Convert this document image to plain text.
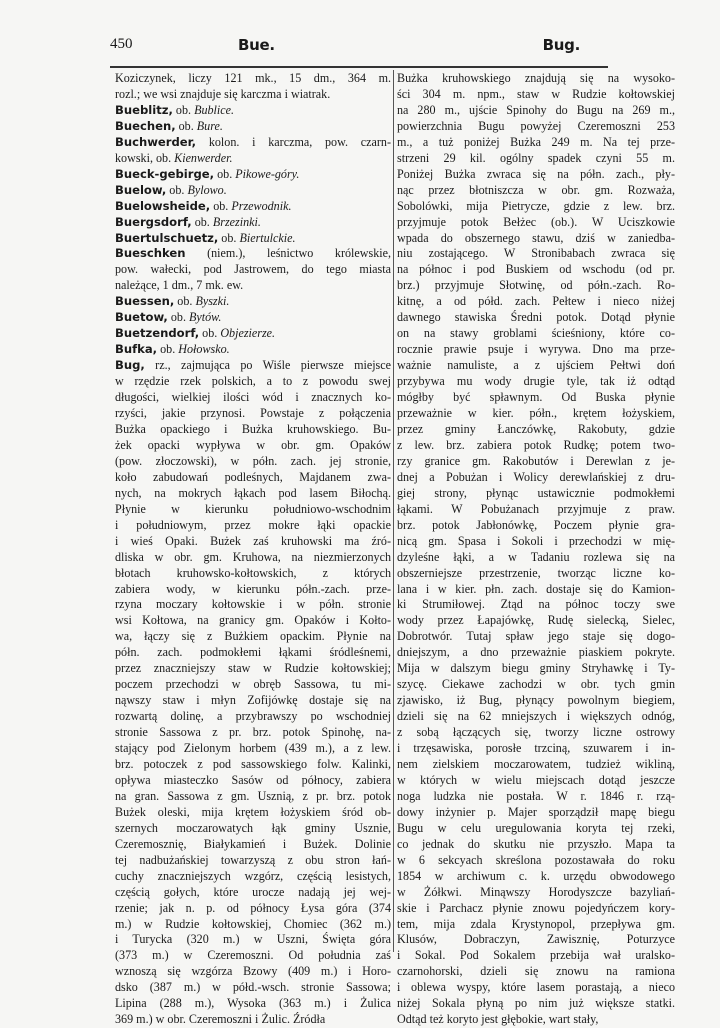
450	Bue.	Bug.
Koziczynek, liczy 121 mk., 15 dm., 364 m.
rozl.; we wsi znajduje się karczma i wiatrak.
Bueblitz, ob. Bublice.
Buechen, ob. Bure.
Buchwerder, kolon. i karczma, pow. czarn-
kowski, ob. Kienwerder.
Bueck-gebirge, ob. Pikowe-góry.
Buelow, ob. Bylowo.
Buelowsheide, ob. Przewodnik.
Buergsdorf, ob. Brzezinki.
Buertulschuetz, ob. Biertulckie.
Bueschken (niem.), leśnictwo królewskie,
pow. wałecki, pod Jastrowem, do tego miasta
należące, 1 dm., 7 mk. ew.
Buessen, ob. Byszki.
Buetow, ob. Bytów.
Buetzendorf, ob. Objezierze.
Bufka, ob. Hołowsko.
Bug, rz., zajmująca po Wiśle pierwsze miejsce
w rzędzie rzek polskich, a to z powodu swej
długości, wielkiej ilości wód i znacznych ko-
rzyści, jakie przynosi. Powstaje z połączenia
Bużka opackiego i Bużka kruhowskiego. Bu-
żek opacki wypływa w obr. gm. Opaków
(pow. złoczowski), w półn. zach. jej stronie,
koło zabudowań podleśnych, Majdanem zwa-
nych, na mokrych łąkach pod lasem Biłochą.
Płynie w kierunku południowo-wschodnim
i południowym, przez mokre łąki opackie
i wieś Opaki. Bużek zaś kruhowski ma źró-
dliska w obr. gm. Kruhowa, na niezmierzonych
błotach kruhowsko-kołtowskich, z których
zabiera wody, w kierunku półn.-zach. prze-
rzyna moczary kołtowskie i w półn. stronie
wsi Kołtowa, na granicy gm. Opaków i Kołto-
wa, łączy się z Bużkiem opackim. Płynie na
półn. zach. podmokłemi łąkami śródleśnemi,
przez znaczniejszy staw w Rudzie kołtowskiej;
poczem przechodzi w obręb Sassowa, tu mi-
nąwszy staw i młyn Zofijówkę dostaje się na
rozwartą dolinę, a przybrawszy po wschodniej
stronie Sassowa z pr. brz. potok Spinohę, na-
stający pod Zielonym horbem (439 m.), a z lew.
brz. potoczek z pod sassowskiego folw. Kalinki,
opływa miasteczko Sasów od północy, zabiera
na gran. Sassowa z gm. Usznią, z pr. brz. potok
Bużek oleski, mija krętem łożyskiem śród ob-
szernych moczarowatych łąk gminy Usznie,
Czeremosznię, Białykamień i Bużek. Dolinie
tej nadbużańskiej towarzyszą z obu stron łań-
cuchy znaczniejszych wzgórz, częścią lesistych,
częścią gołych, które urocze nadają jej wej-
rzenie; jak n. p. od północy Łysa góra (374
m.) w Rudzie kołtowskiej, Chomiec (362 m.)
i Turycka (320 m.) w Uszni, Święta góra
(373 m.) w Czeremoszni. Od południa zaś
wznoszą się wzgórza Bzowy (409 m.) i Horo-
dsko (387 m.) w półd.-wsch. stronie Sassowa;
Lipina (288 m.), Wysoka (363 m.) i Żulica
369 m.) w obr. Czeremoszni i Żulic. Źródła
Bużka kruhowskiego znajdują się na wysoko-
ści 304 m. npm., staw w Rudzie kołtowskiej
na 280 m., ujście Spinohy do Bugu na 269 m.,
powierzchnia Bugu powyżej Czeremoszni 253
m., a tuż poniżej Bużka 249 m. Na tej prze-
strzeni 29 kil. ogólny spadek czyni 55 m.
Poniżej Bużka zwraca się na półn. zach., pły-
nąc przez błotniszcza w obr. gm. Rozważa,
Sobolówki, mija Pietrycze, gdzie z lew. brz.
przyjmuje potok Bełżec (ob.). W Uciszkowie
wpada do obszernego stawu, dziś w zaniedba-
niu zostającego. W Stronibabach zwraca się
na północ i pod Buskiem od wschodu (od pr.
brz.) przyjmuje Słotwinę, od półn.-zach. Ro-
kitnę, a od półd. zach. Pełtew i nieco niżej
dawnego stawiska Średni potok. Dotąd płynie
on na stawy groblami ścieśniony, które co-
rocznie prawie psuje i wyrywa. Dno ma prze-
ważnie namuliste, a z ujściem Pełtwi doń
przybywa mu wody drugie tyle, tak iż odtąd
mógłby być spławnym. Od Buska płynie
przeważnie w kier. półn., krętem łożyskiem,
przez gminy Łanczówkę, Rakobuty, gdzie
z lew. brz. zabiera potok Rudkę; potem two-
rzy granice gm. Rakobutów i Derewlan z je-
dnej a Pobużan i Wolicy derewlańskiej z dru-
giej strony, płynąc ustawicznie podmokłemi
łąkami. W Pobużanach przyjmuje z praw.
brz. potok Jabłonówkę, Poczem płynie gra-
nicą gm. Spasa i Sokoli i przechodzi w mię-
dzyleśne łąki, a w Tadaniu rozlewa się na
obszerniejsze przestrzenie, tworząc liczne ko-
lana i w kier. płn. zach. dostaje się do Kamion-
ki Strumiłowej. Ztąd na północ toczy swe
wody przez Łapajówkę, Rudę sielecką, Sielec,
Dobrotwór. Tutaj spław jego staje się dogo-
dniejszym, a dno przeważnie piaskiem pokryte.
Mija w dalszym biegu gminy Stryhawkę i Ty-
szycę. Ciekawe zachodzi w obr. tych gmin
zjawisko, iż Bug, płynący powolnym biegiem,
dzieli się na 62 mniejszych i większych odnóg,
z sobą łączących się, tworzy liczne ostrowy
i trzęsawiska, porosłe trzciną, szuwarem i in-
nem zielskiem moczarowatem, tudzież wikliną,
w których w wielu miejscach dotąd jeszcze
noga ludzka nie postała. W r. 1846 r. rzą-
dowy inżynier p. Majer sporządził mapę biegu
Bugu w celu uregulowania koryta tej rzeki,
co jednak do skutku nie przyszło. Mapa ta
w 6 sekcyach skreślona pozostawała do roku
1854 w archiwum c. k. urzędu obwodowego
w Żółkwi. Minąwszy Horodyszcze bazyliań-
skie i Parchacz płynie znowu pojedyńczem kory-
tem, mija zdala Krystynopol, przepływa gm.
Klusów, Dobraczyn, Zawisznię, Poturzyce
i Sokal. Pod Sokalem przebija wał uralsko-
czarnohorski, dzieli się znowu na ramiona
i oblewa wyspy, które lasem porastają, a nieco
niżej Sokala płyną po nim już większe statki.
Odtąd też koryto jest głębokie, wart stały,
